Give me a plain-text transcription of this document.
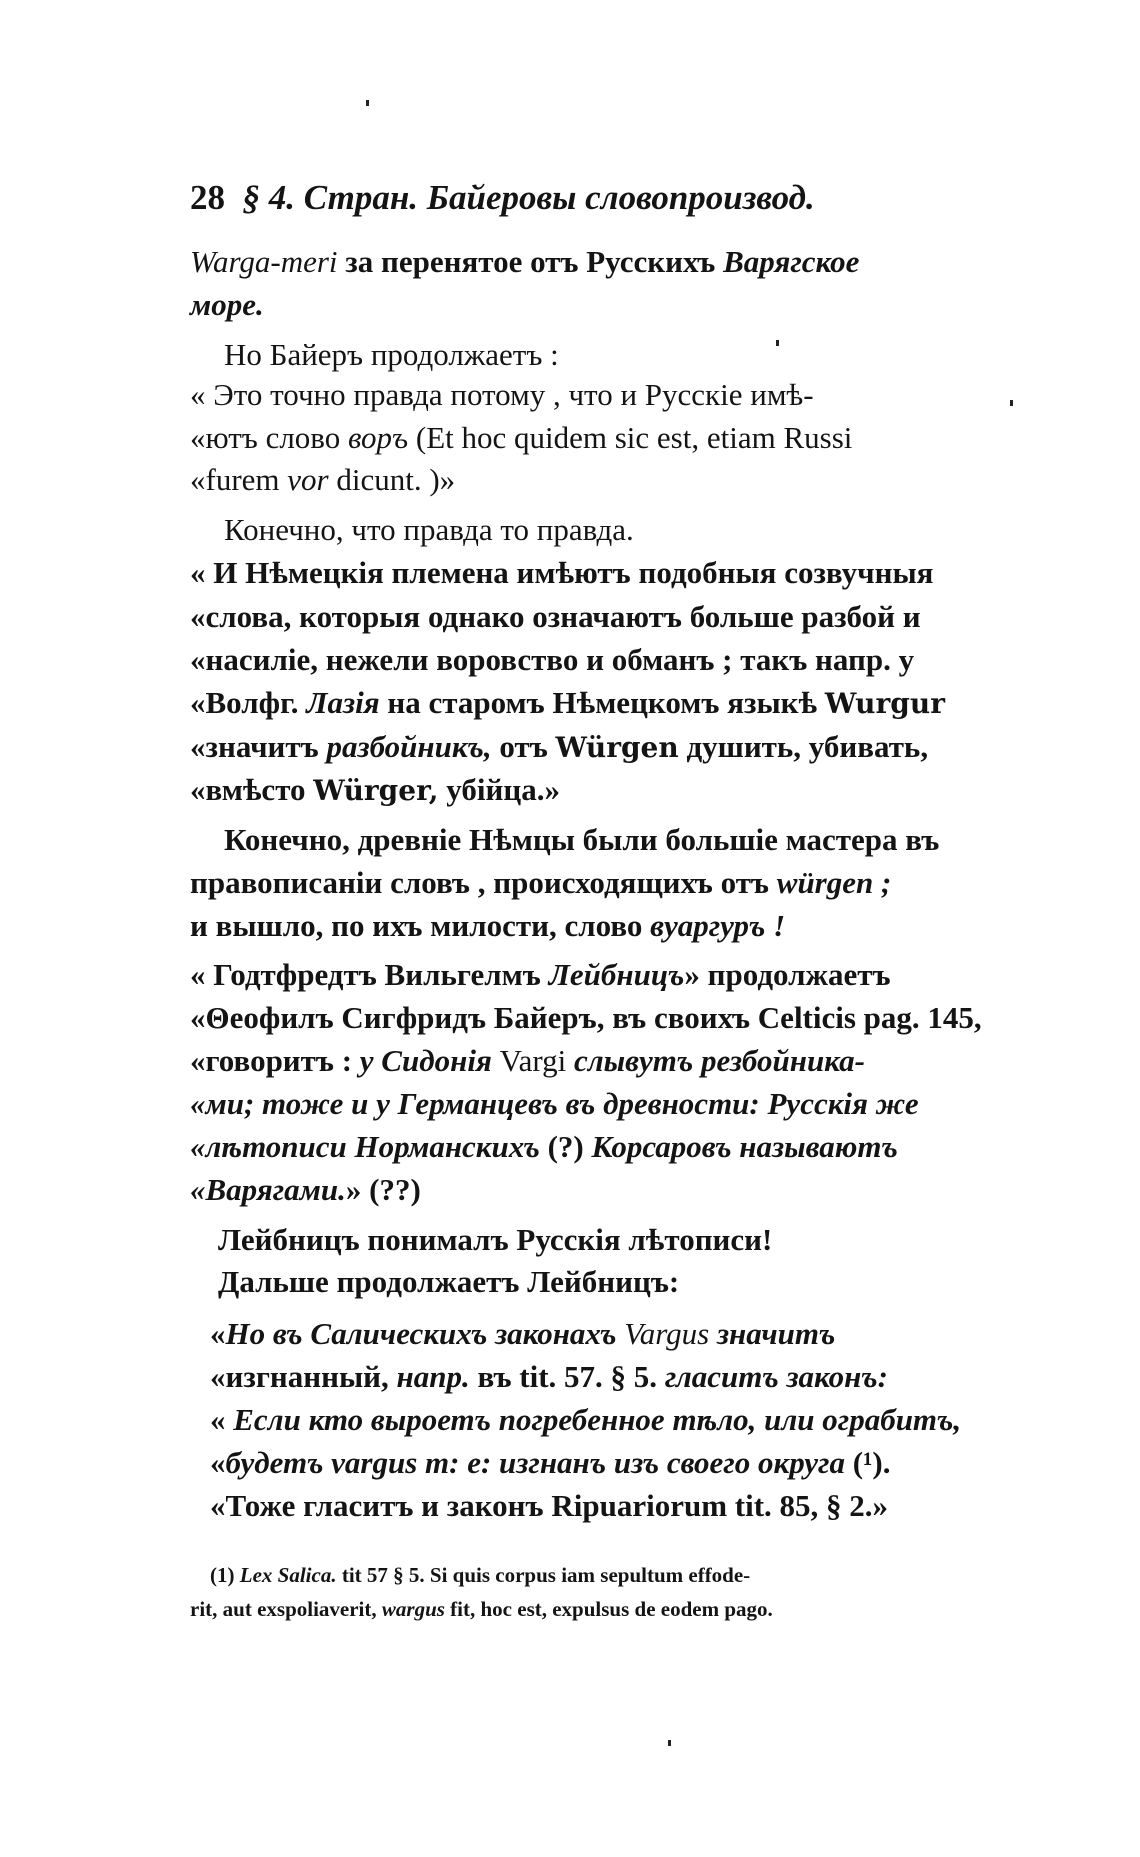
28 § 4. Стран. Байеровы словопроизвод.
Warga-meri за перенятое отъ Русскихъ Варягское
море.
Но Байеръ продолжаетъ :
« Это точно правда потому , что и Русскіе имѣ-
«ютъ слово воръ (Et hoc quidem sic est, etiam Russi
«furem vor dicunt. )»
Конечно, что правда то правда.
« И Нѣмецкія племена имѣютъ подобныя созвучныя
«слова, которыя однако означаютъ больше разбой и
«насиліе, нежели воровство и обманъ ; такъ напр. у
«Волфг. Лазія на старомъ Нѣмецкомъ языкѣ Wurgur
«значитъ разбойникъ, отъ Würgen душить, убивать,
«вмѣсто Würger, убійца.»
Конечно, древніе Нѣмцы были большіе мастера въ
правописаніи словъ , происходящихъ отъ würgen ;
и вышло, по ихъ милости, слово вуаргуръ !
« Годтфредтъ Вильгелмъ Лейбницъ» продолжаетъ
«Θеофилъ Сигфридъ Байеръ, въ своихъ Celticis pag. 145,
«говоритъ : у Сидонія Vargi слывутъ резбойника-
«ми; тоже и у Германцевъ въ древности: Русскія же
«лѣтописи Норманскихъ (?) Корсаровъ называютъ
«Варягами.» (??)
Лейбницъ понималъ Русскія лѣтописи!
Дальше продолжаетъ Лейбницъ:
«Но въ Салическихъ законахъ Vargus значитъ
«изгнанный, напр. въ tit. 57. § 5. гласитъ законъ:
« Если кто выроетъ погребенное тѣло, или ограбитъ,
«будетъ vargus т: е: изгнанъ изъ своего округа (¹).
«Тоже гласитъ и законъ Ripuariorum tit. 85, § 2.»
(1) Lex Salica. tit 57 § 5. Si quis corpus iam sepultum effode-
rit, aut exspoliaverit, wargus fit, hoc est, expulsus de eodem pago.
